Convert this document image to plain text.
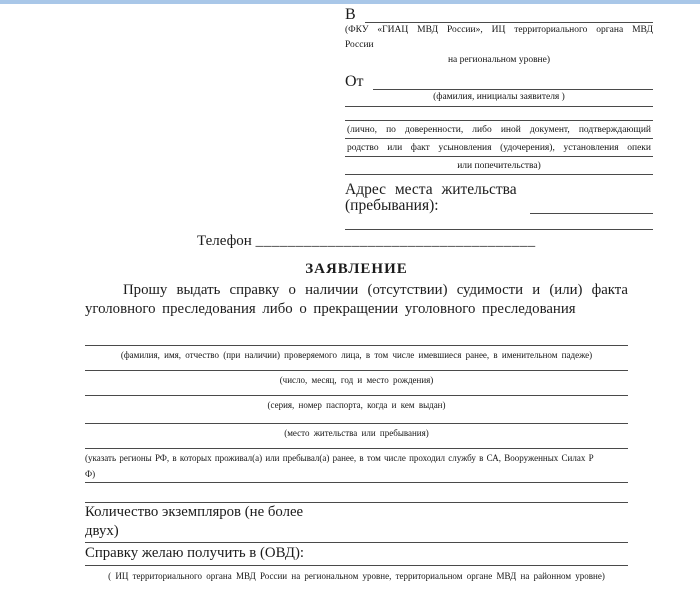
В
(ФКУ «ГИАЦ МВД России», ИЦ территориального органа МВД
России
на региональном уровне)
От
(фамилия, инициалы заявителя )
(лично, по доверенности, либо иной документ, подтверждающий
родство или факт усыновления (удочерения), установления опеки
или попечительства)
Адрес места жительства
(пребывания):
Телефон ___________________________________
ЗАЯВЛЕНИЕ
Прошу выдать справку о наличии (отсутствии) судимости и (или) факта уголовного преследования либо о прекращении уголовного преследования
(фамилия, имя, отчество (при наличии) проверяемого лица, в том числе имевшиеся ранее, в именительном падеже)
(число, месяц, год и место рождения)
(серия, номер паспорта, когда и кем выдан)
(место жительства или пребывания)
(указать регионы РФ, в которых проживал(а) или пребывал(а) ранее, в том числе проходил службу в СА, Вооруженных Силах Р
Ф)
Количество экземпляров (не более двух)
Справку желаю получить в (ОВД):
( ИЦ территориального органа МВД России на региональном уровне, территориальном органе МВД на районном уровне)
